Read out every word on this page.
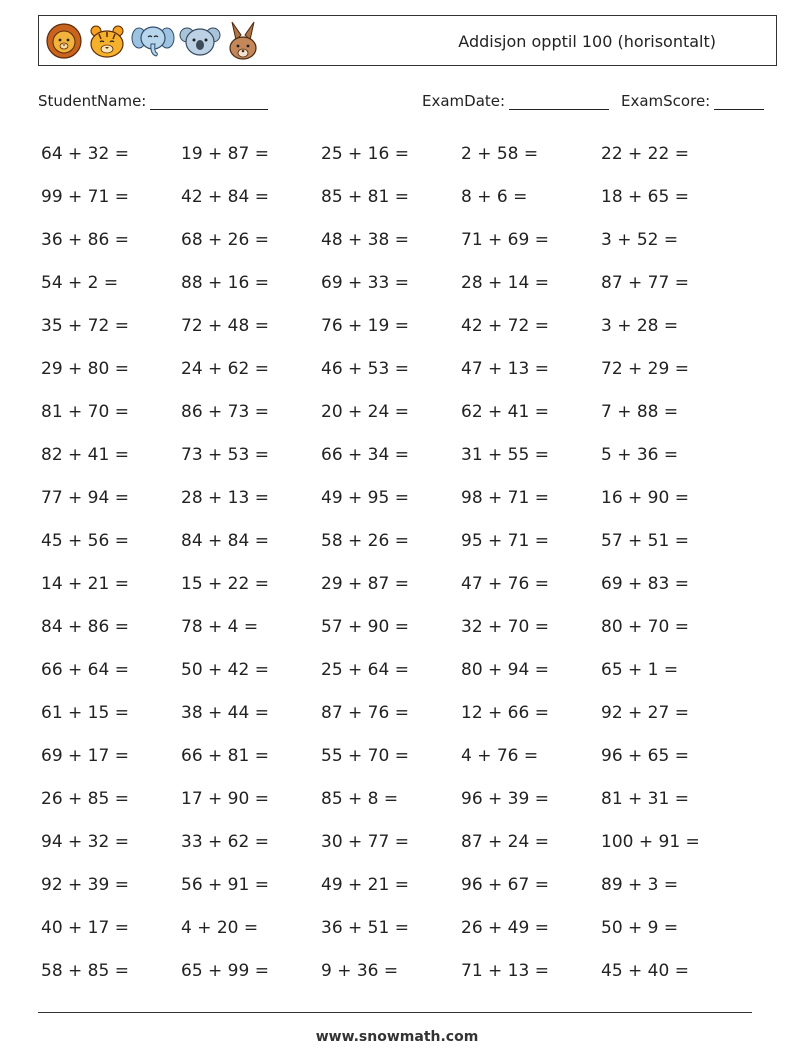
Addisjon opptil 100 (horisontalt)
StudentName:	ExamDate:	ExamScore:
64 + 32 =	19 + 87 =	25 + 16 =	2 + 58 =	22 + 22 =
99 + 71 =	42 + 84 =	85 + 81 =	8 + 6 =	18 + 65 =
36 + 86 =	68 + 26 =	48 + 38 =	71 + 69 =	3 + 52 =
54 + 2 =	88 + 16 =	69 + 33 =	28 + 14 =	87 + 77 =
35 + 72 =	72 + 48 =	76 + 19 =	42 + 72 =	3 + 28 =
29 + 80 =	24 + 62 =	46 + 53 =	47 + 13 =	72 + 29 =
81 + 70 =	86 + 73 =	20 + 24 =	62 + 41 =	7 + 88 =
82 + 41 =	73 + 53 =	66 + 34 =	31 + 55 =	5 + 36 =
77 + 94 =	28 + 13 =	49 + 95 =	98 + 71 =	16 + 90 =
45 + 56 =	84 + 84 =	58 + 26 =	95 + 71 =	57 + 51 =
14 + 21 =	15 + 22 =	29 + 87 =	47 + 76 =	69 + 83 =
84 + 86 =	78 + 4 =	57 + 90 =	32 + 70 =	80 + 70 =
66 + 64 =	50 + 42 =	25 + 64 =	80 + 94 =	65 + 1 =
61 + 15 =	38 + 44 =	87 + 76 =	12 + 66 =	92 + 27 =
69 + 17 =	66 + 81 =	55 + 70 =	4 + 76 =	96 + 65 =
26 + 85 =	17 + 90 =	85 + 8 =	96 + 39 =	81 + 31 =
94 + 32 =	33 + 62 =	30 + 77 =	87 + 24 =	100 + 91 =
92 + 39 =	56 + 91 =	49 + 21 =	96 + 67 =	89 + 3 =
40 + 17 =	4 + 20 =	36 + 51 =	26 + 49 =	50 + 9 =
58 + 85 =	65 + 99 =	9 + 36 =	71 + 13 =	45 + 40 =
www.snowmath.com
